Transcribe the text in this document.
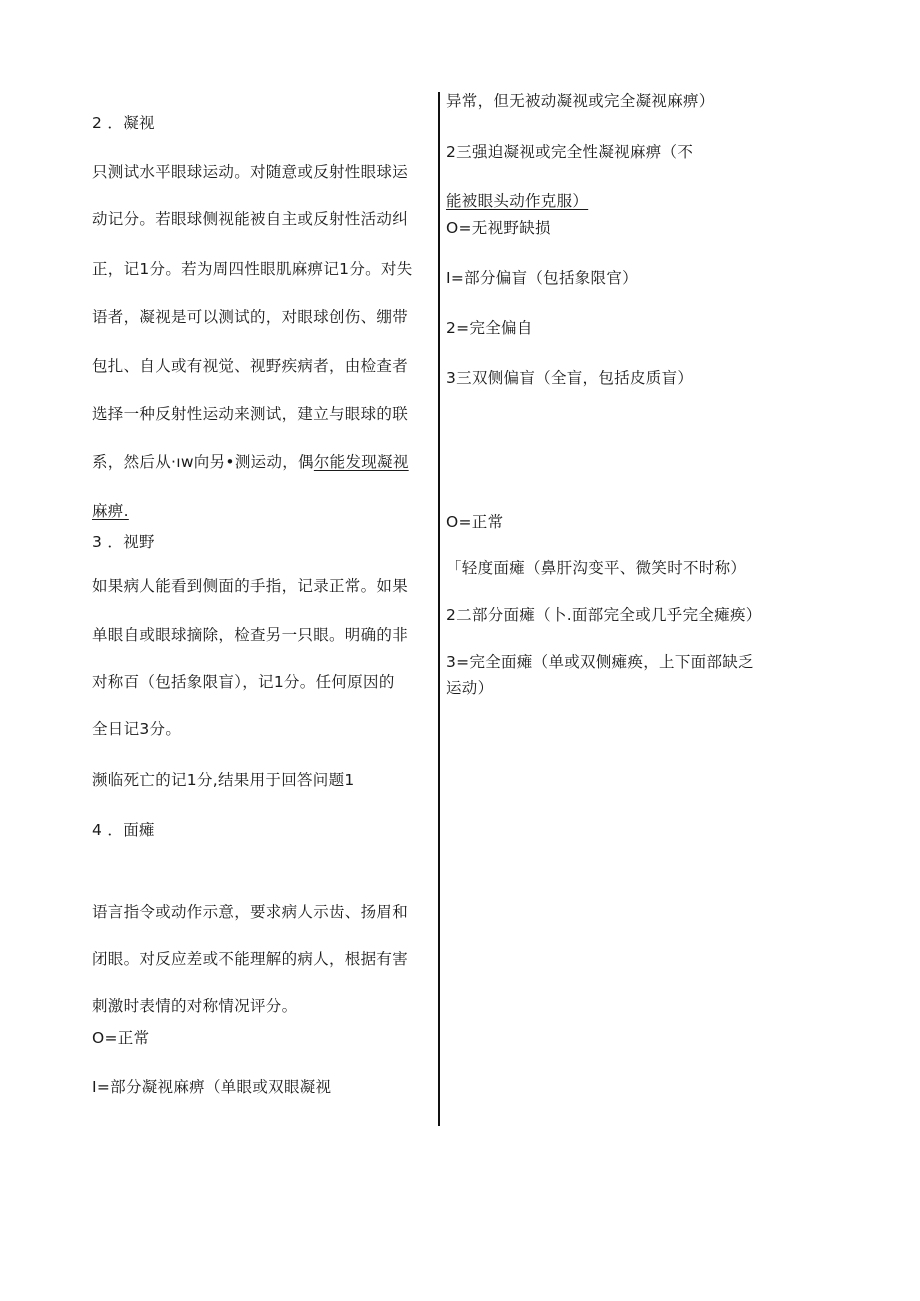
2 ．凝视
只测试水平眼球运动。对随意或反射性眼球运
动记分。若眼球侧视能被自主或反射性活动纠
正，记1分。若为周四性眼肌麻痹记1分。对失
语者，凝视是可以测试的，对眼球创伤、绷带
包扎、自人或有视觉、视野疾病者，由检查者
选择一种反射性运动来测试，建立与眼球的联
系，然后从·ıw向另•测运动，偶尔能发现凝视
麻痹.
3 ．视野
如果病人能看到侧面的手指，记录正常。如果
单眼自或眼球摘除，检查另一只眼。明确的非
对称百（包括象限盲），记1分。任何原因的
全日记3分。
濒临死亡的记1分,结果用于回答问题1
4 ．面瘫
语言指令或动作示意，要求病人示齿、扬眉和
闭眼。对反应差或不能理解的病人，根据有害
刺激时表情的对称情况评分。
O=正常
I=部分凝视麻痹（单眼或双眼凝视
异常，但无被动凝视或完全凝视麻痹）
2三强迫凝视或完全性凝视麻痹（不
能被眼头动作克服）
O=无视野缺损
I=部分偏盲（包括象限官）
2=完全偏自
3三双侧偏盲（全盲，包括皮质盲）
O=正常
「轻度面瘫（鼻肝沟变平、微笑时不时称）
2二部分面瘫（卜.面部完全或几乎完全瘫痪）
3=完全面瘫（单或双侧瘫痪，上下面部缺乏
运动）
